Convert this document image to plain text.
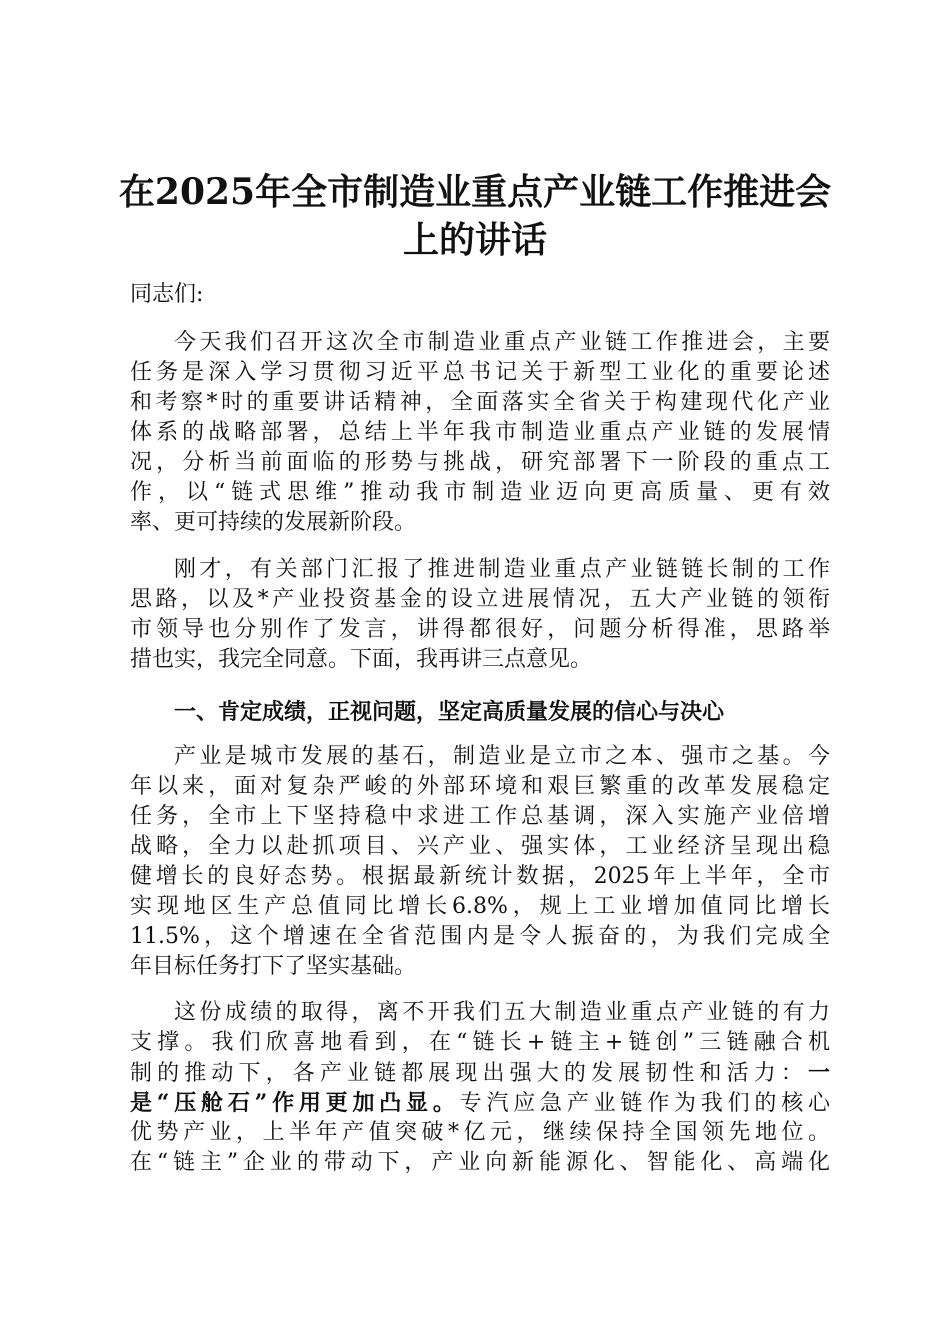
在2025年全市制造业重点产业链工作推进会
上的讲话

同志们:

今天我们召开这次全市制造业重点产业链工作推进会，主要
任务是深入学习贯彻习近平总书记关于新型工业化的重要论述
和考察*时的重要讲话精神，全面落实全省关于构建现代化产业
体系的战略部署，总结上半年我市制造业重点产业链的发展情
况，分析当前面临的形势与挑战，研究部署下一阶段的重点工
作，以“链式思维”推动我市制造业迈向更高质量、更有效
率、更可持续的发展新阶段。
刚才，有关部门汇报了推进制造业重点产业链链长制的工作
思路，以及*产业投资基金的设立进展情况，五大产业链的领衔
市领导也分别作了发言，讲得都很好，问题分析得准，思路举
措也实，我完全同意。下面，我再讲三点意见。
一、肯定成绩，正视问题，坚定高质量发展的信心与决心
产业是城市发展的基石，制造业是立市之本、强市之基。今
年以来，面对复杂严峻的外部环境和艰巨繁重的改革发展稳定
任务，全市上下坚持稳中求进工作总基调，深入实施产业倍增
战略，全力以赴抓项目、兴产业、强实体，工业经济呈现出稳
健增长的良好态势。根据最新统计数据，2025年上半年，全市
实现地区生产总值同比增长6.8%，规上工业增加值同比增长
11.5%，这个增速在全省范围内是令人振奋的，为我们完成全
年目标任务打下了坚实基础。
这份成绩的取得，离不开我们五大制造业重点产业链的有力
支撑。我们欣喜地看到，在“链长+链主+链创”三链融合机
制的推动下，各产业链都展现出强大的发展韧性和活力：一
是“压舱石”作用更加凸显。专汽应急产业链作为我们的核心
优势产业，上半年产值突破*亿元，继续保持全国领先地位。
在“链主”企业的带动下，产业向新能源化、智能化、高端化
